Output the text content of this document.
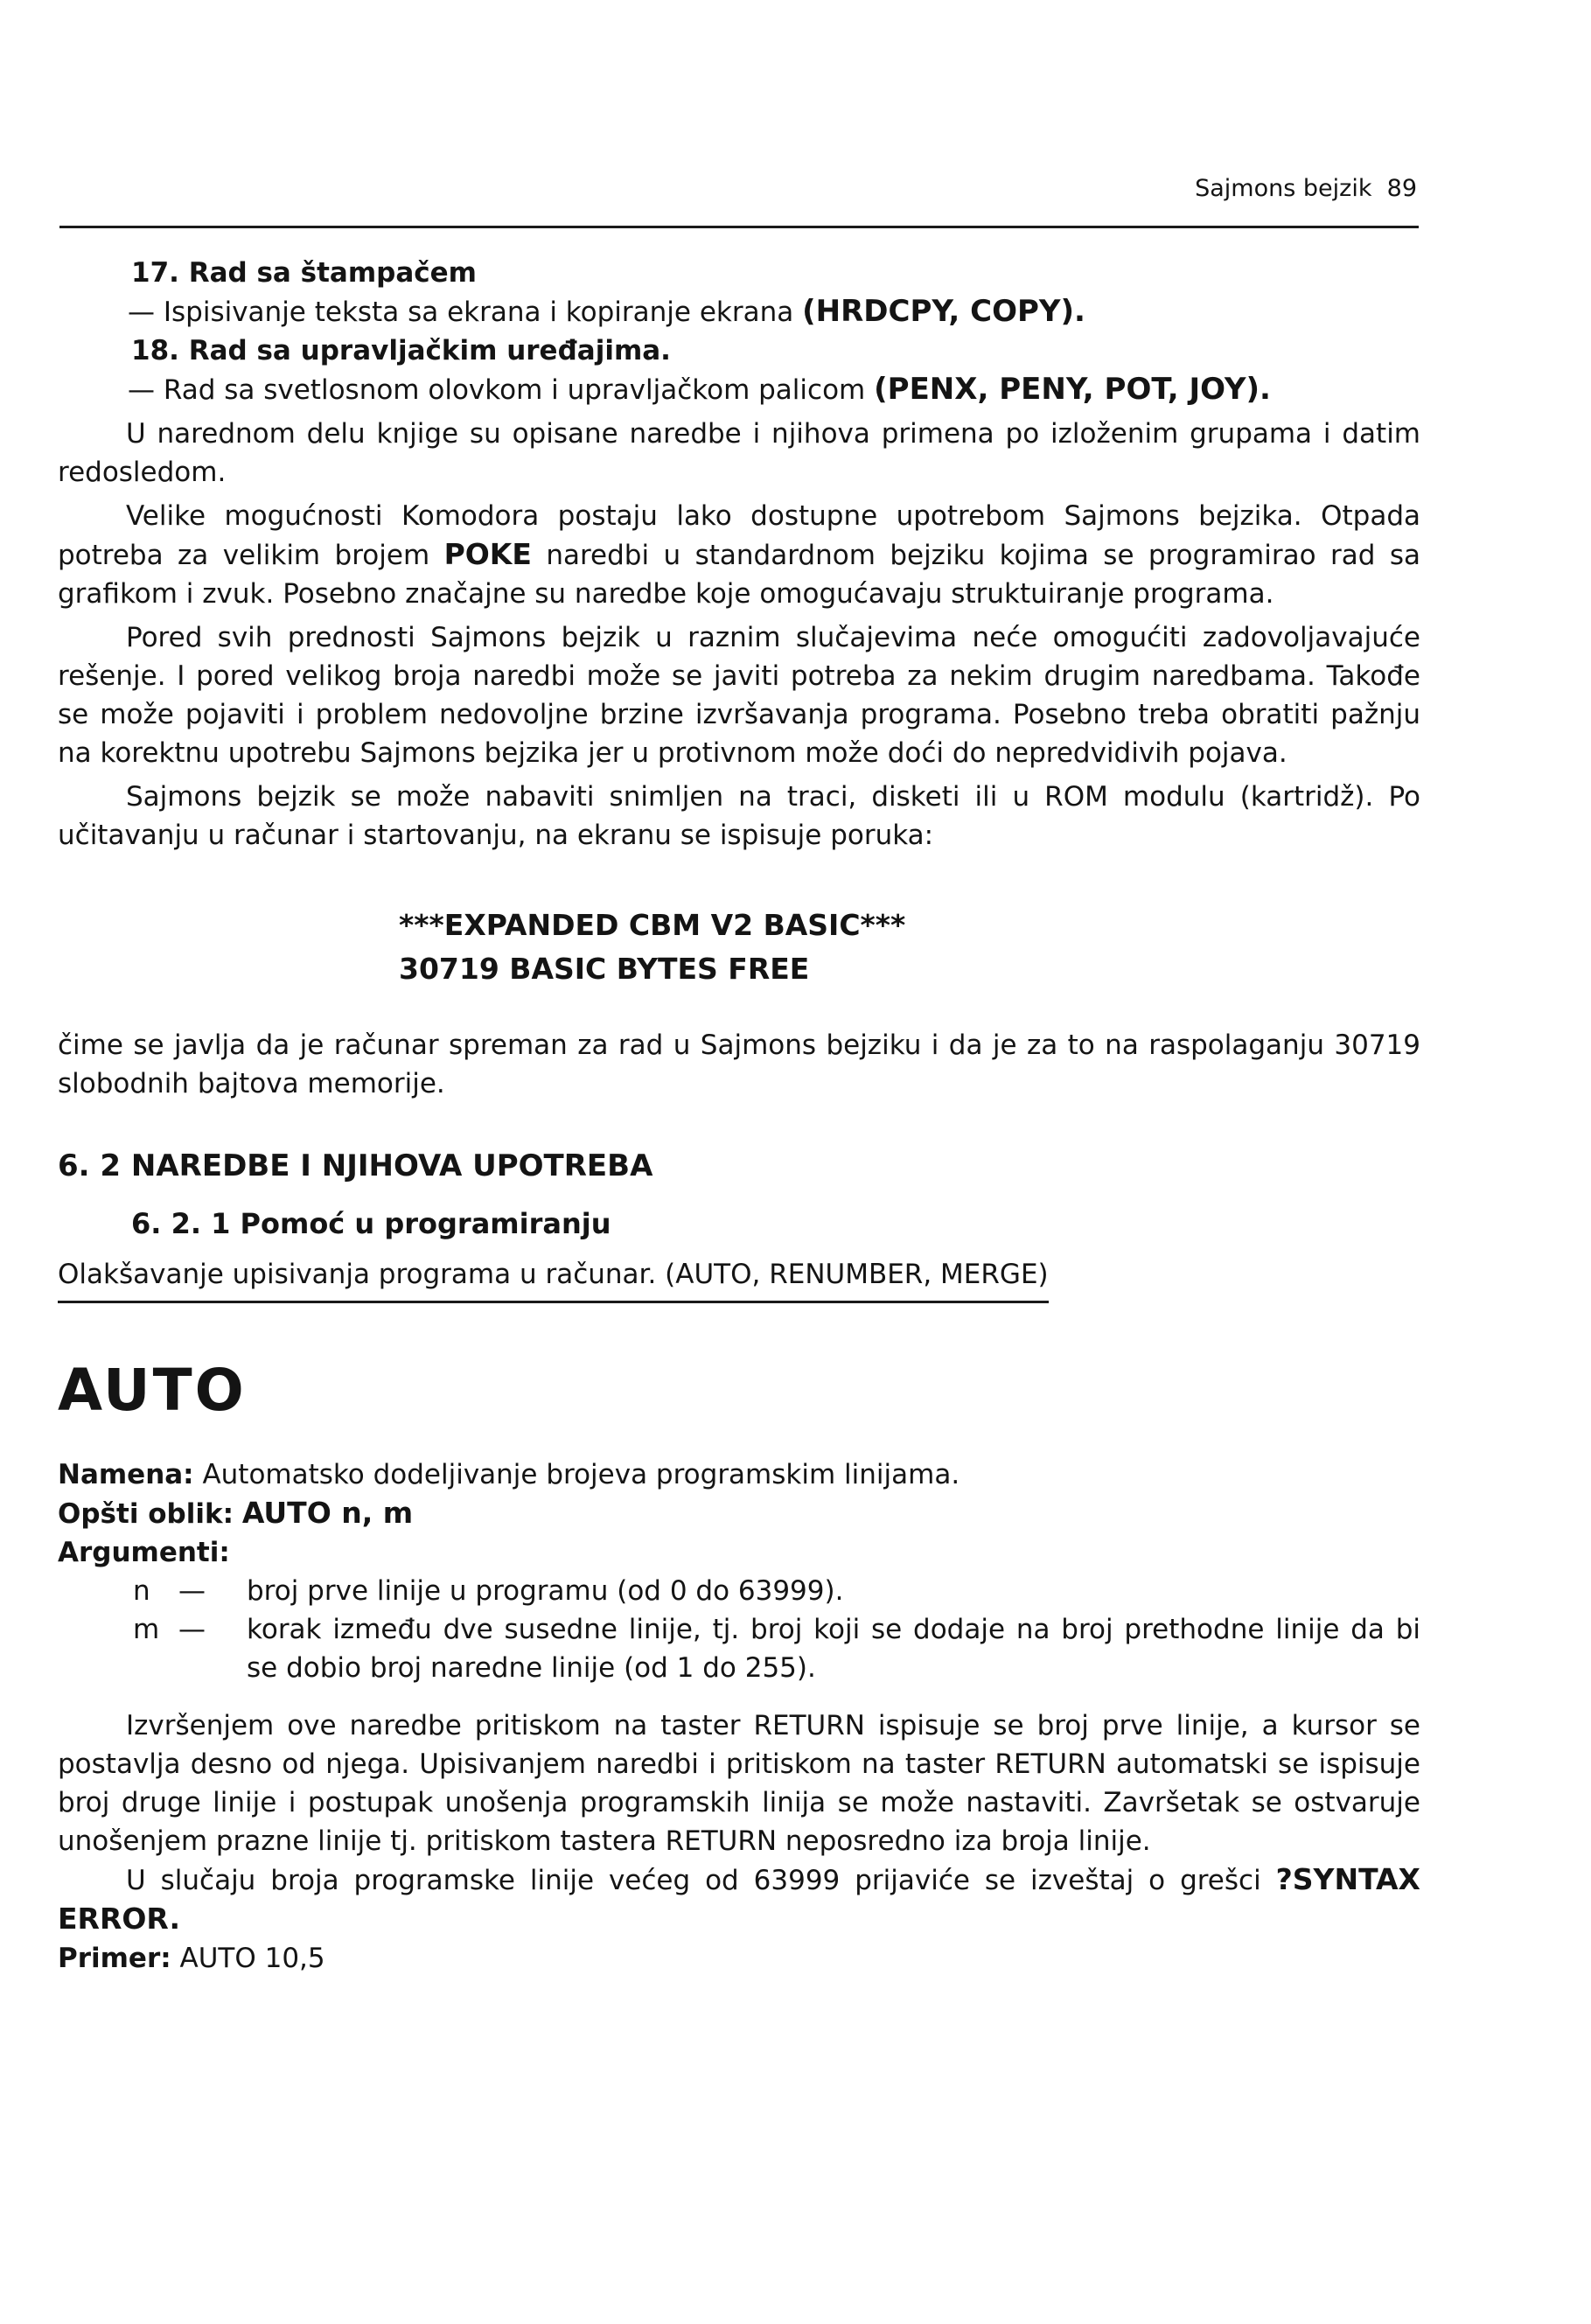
Sajmons bejzik 89

17. Rad sa štampačem

— Ispisivanje teksta sa ekrana i kopiranje ekrana (HRDCPY, COPY).

18. Rad sa upravljačkim uređajima.

— Rad sa svetlosnom olovkom i upravljačkom palicom (PENX, PENY, POT, JOY).

U narednom delu knjige su opisane naredbe i njihova primena po izloženim grupama i datim redosledom.

Velike mogućnosti Komodora postaju lako dostupne upotrebom Sajmons bejzika. Otpada potreba za velikim brojem POKE naredbi u standardnom bejziku kojima se programirao rad sa grafikom i zvuk. Posebno značajne su naredbe koje omogućavaju struktuiranje programa.

Pored svih prednosti Sajmons bejzik u raznim slučajevima neće omogućiti zadovoljavajuće rešenje. I pored velikog broja naredbi može se javiti potreba za nekim drugim naredbama. Takođe se može pojaviti i problem nedovoljne brzine izvršavanja programa. Posebno treba obratiti pažnju na korektnu upotrebu Sajmons bejzika jer u protivnom može doći do nepredvidivih pojava.

Sajmons bejzik se može nabaviti snimljen na traci, disketi ili u ROM modulu (kartridž). Po učitavanju u računar i startovanju, na ekranu se ispisuje poruka:

***EXPANDED CBM V2 BASIC***
30719 BASIC BYTES FREE

čime se javlja da je računar spreman za rad u Sajmons bejziku i da je za to na raspolaganju 30719 slobodnih bajtova memorije.

6. 2 NAREDBE I NJIHOVA UPOTREBA
6. 2. 1 Pomoć u programiranju
Olakšavanje upisivanja programa u računar. (AUTO, RENUMBER, MERGE)
AUTO

Namena: Automatsko dodeljivanje brojeva programskim linijama.

Opšti oblik: AUTO n, m

Argumenti:

n — broj prve linije u programu (od 0 do 63999).

m — korak između dve susedne linije, tj. broj koji se dodaje na broj prethodne linije da bi se dobio broj naredne linije (od 1 do 255).

Izvršenjem ove naredbe pritiskom na taster RETURN ispisuje se broj prve linije, a kursor se postavlja desno od njega. Upisivanjem naredbi i pritiskom na taster RETURN automatski se ispisuje broj druge linije i postupak unošenja programskih linija se može nastaviti. Završetak se ostvaruje unošenjem prazne linije tj. pritiskom tastera RETURN neposredno iza broja linije.

U slučaju broja programske linije većeg od 63999 prijaviće se izveštaj o grešci ?SYNTAX ERROR.

Primer: AUTO 10,5
